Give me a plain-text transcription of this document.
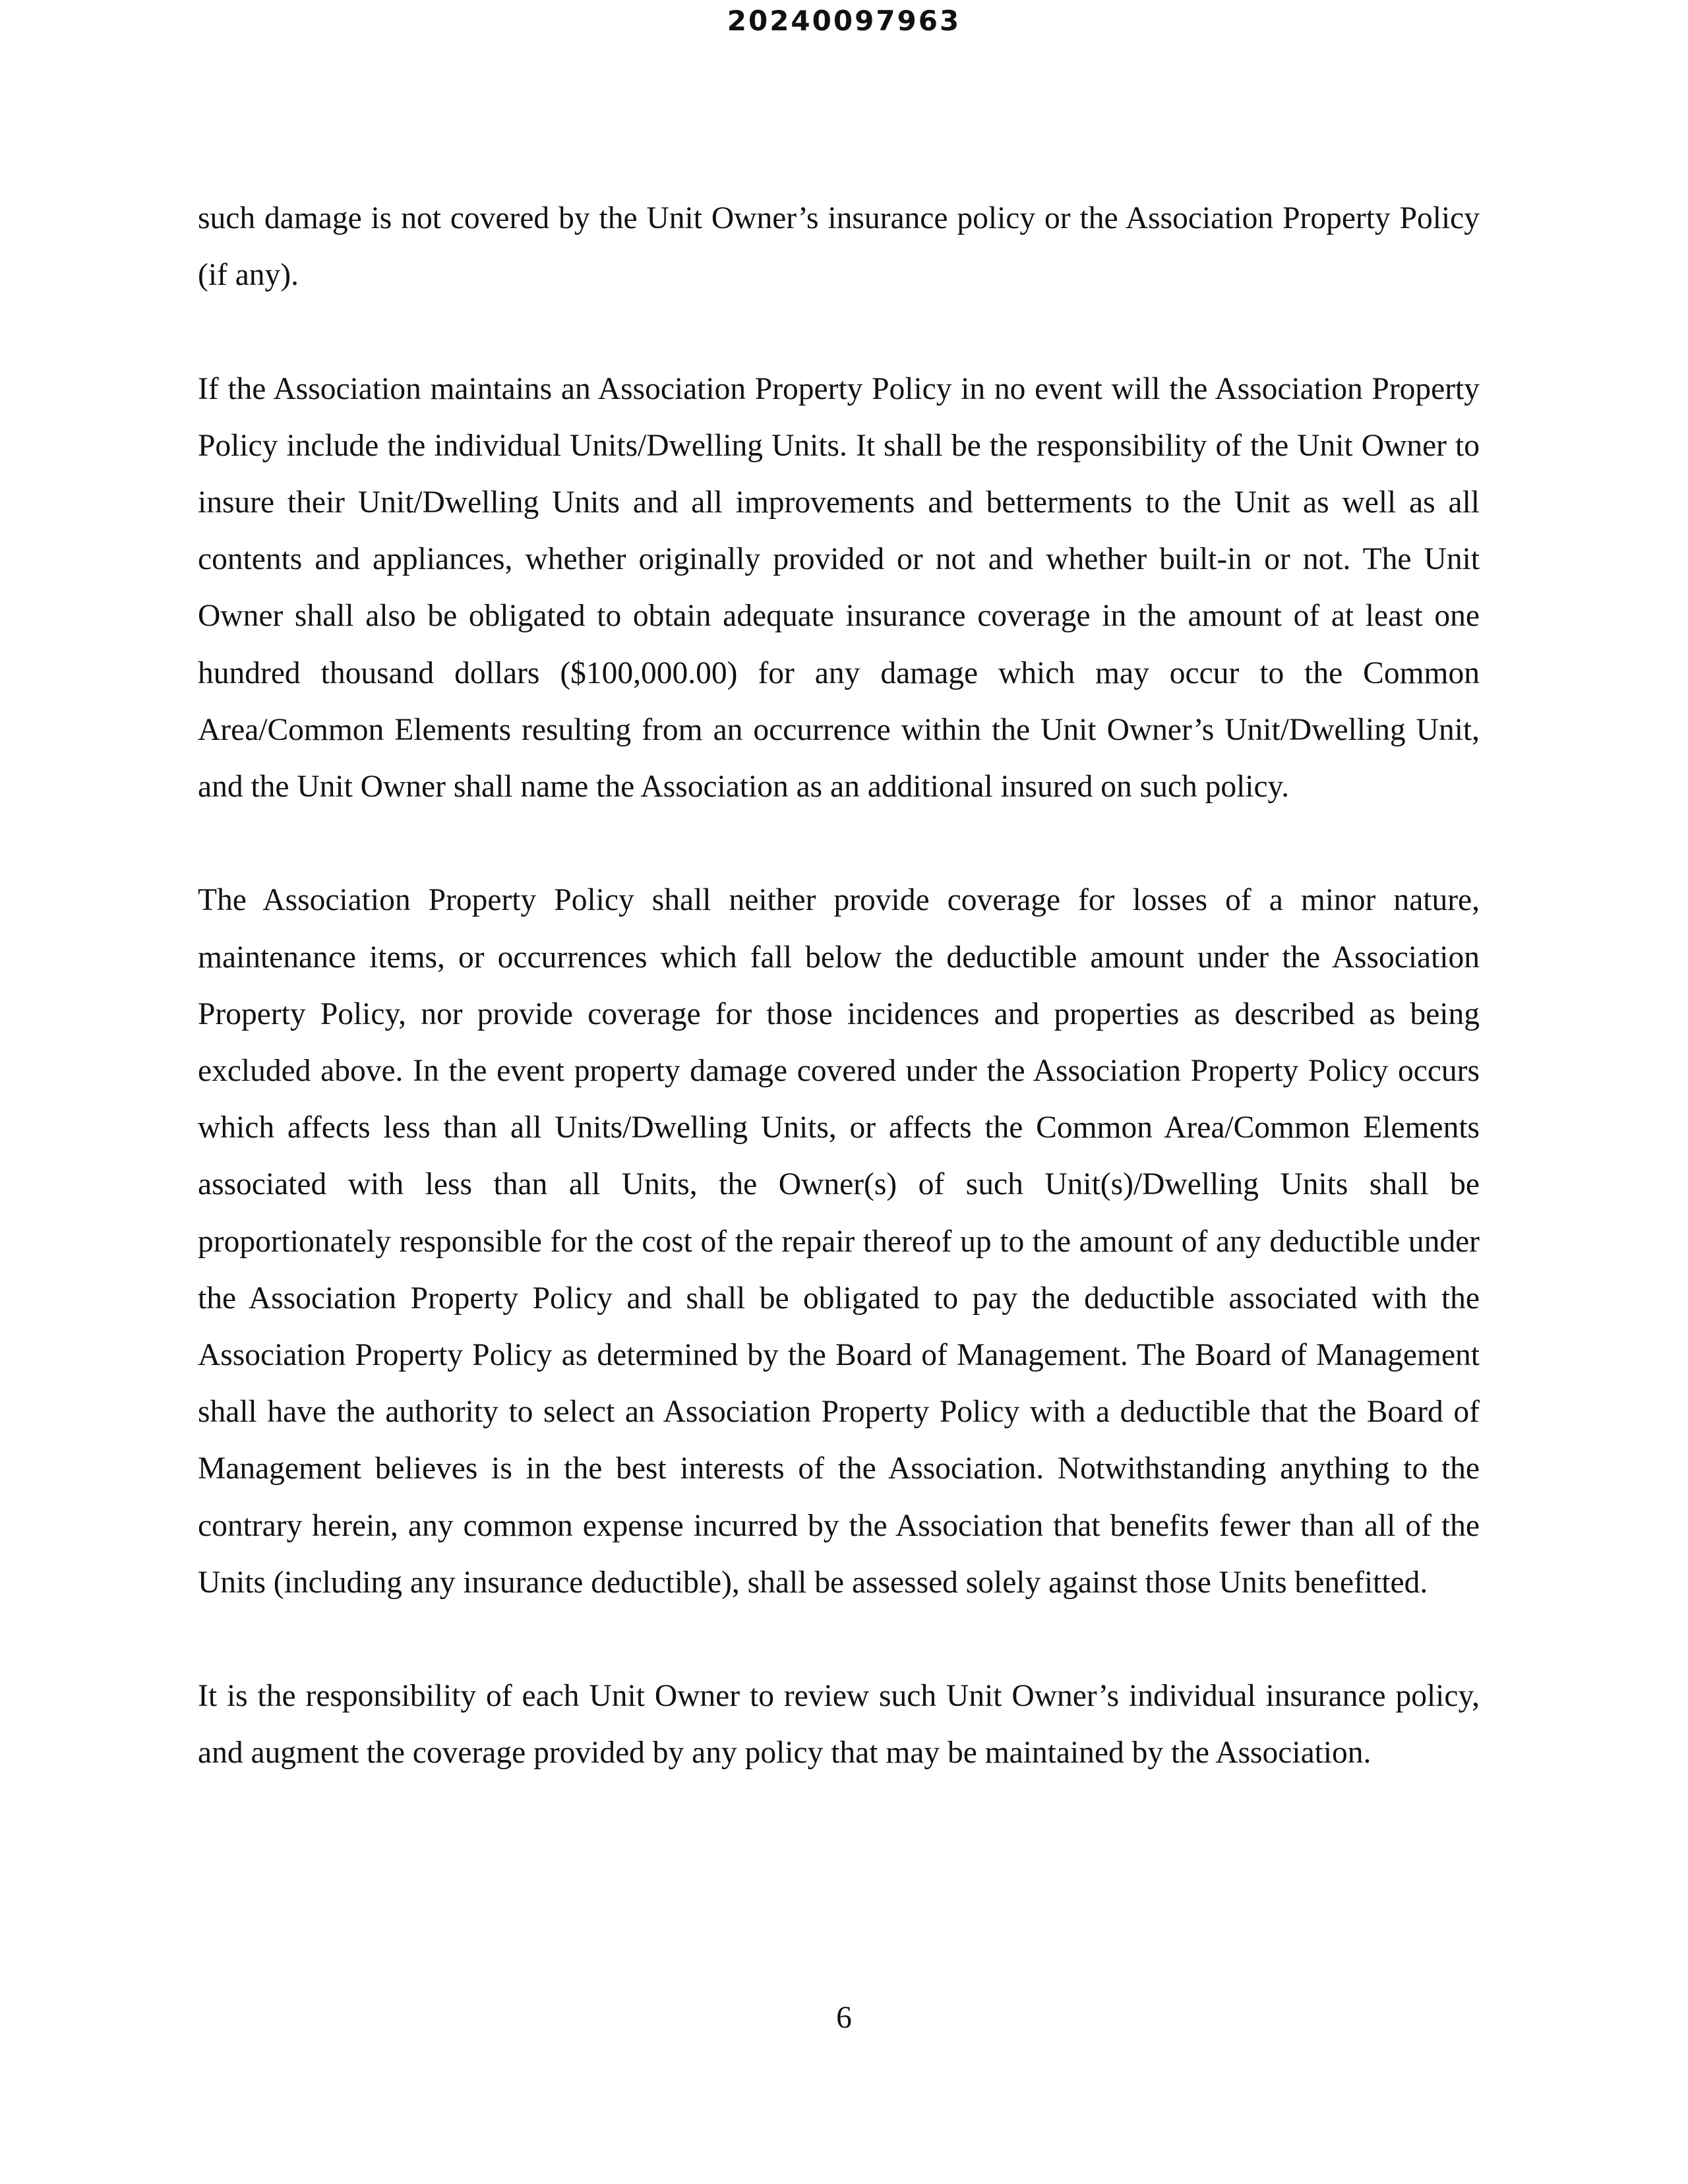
20240097963

such damage is not covered by the Unit Owner’s insurance policy or the Association Property Policy (if any).

If the Association maintains an Association Property Policy in no event will the Association Property Policy include the individual Units/Dwelling Units. It shall be the responsibility of the Unit Owner to insure their Unit/Dwelling Units and all improvements and betterments to the Unit as well as all contents and appliances, whether originally provided or not and whether built-in or not. The Unit Owner shall also be obligated to obtain adequate insurance coverage in the amount of at least one hundred thousand dollars ($100,000.00) for any damage which may occur to the Common Area/Common Elements resulting from an occurrence within the Unit Owner’s Unit/Dwelling Unit, and the Unit Owner shall name the Association as an additional insured on such policy.

The Association Property Policy shall neither provide coverage for losses of a minor nature, maintenance items, or occurrences which fall below the deductible amount under the Association Property Policy, nor provide coverage for those incidences and properties as described as being excluded above. In the event property damage covered under the Association Property Policy occurs which affects less than all Units/Dwelling Units, or affects the Common Area/Common Elements associated with less than all Units, the Owner(s) of such Unit(s)/Dwelling Units shall be proportionately responsible for the cost of the repair thereof up to the amount of any deductible under the Association Property Policy and shall be obligated to pay the deductible associated with the Association Property Policy as determined by the Board of Management. The Board of Management shall have the authority to select an Association Property Policy with a deductible that the Board of Management believes is in the best interests of the Association. Notwithstanding anything to the contrary herein, any common expense incurred by the Association that benefits fewer than all of the Units (including any insurance deductible), shall be assessed solely against those Units benefitted.

It is the responsibility of each Unit Owner to review such Unit Owner’s individual insurance policy, and augment the coverage provided by any policy that may be maintained by the Association.

6
